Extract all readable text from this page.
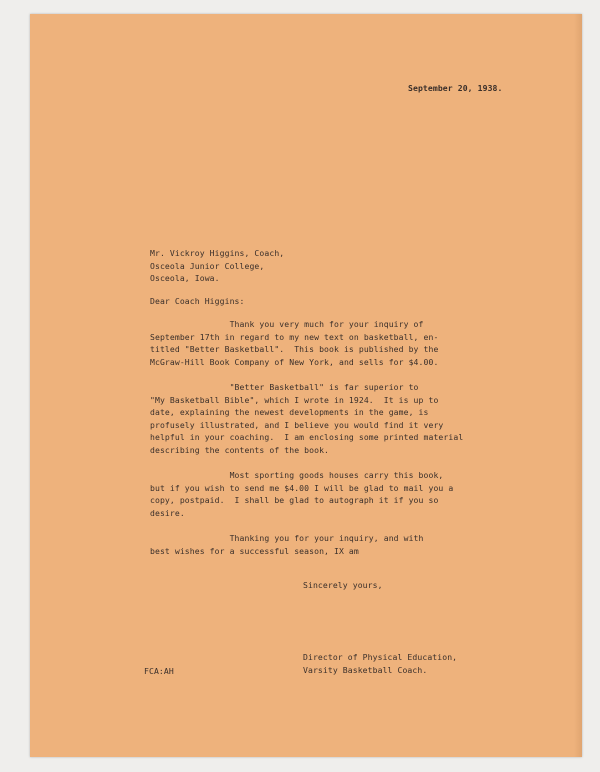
September 20, 1938.
Mr. Vickroy Higgins, Coach,
Osceola Junior College,
Osceola, Iowa.
Dear Coach Higgins:
Thank you very much for your inquiry of
September 17th in regard to my new text on basketball, en-
titled "Better Basketball".  This book is published by the
McGraw-Hill Book Company of New York, and sells for $4.00.

"Better Basketball" is far superior to
"My Basketball Bible", which I wrote in 1924.  It is up to
date, explaining the newest developments in the game, is
profusely illustrated, and I believe you would find it very
helpful in your coaching.  I am enclosing some printed material
describing the contents of the book.

Most sporting goods houses carry this book,
but if you wish to send me $4.00 I will be glad to mail you a
copy, postpaid.  I shall be glad to autograph it if you so
desire.

Thanking you for your inquiry, and with
best wishes for a successful season, IX am
Sincerely yours,
Director of Physical Education,
Varsity Basketball Coach.
FCA:AH
